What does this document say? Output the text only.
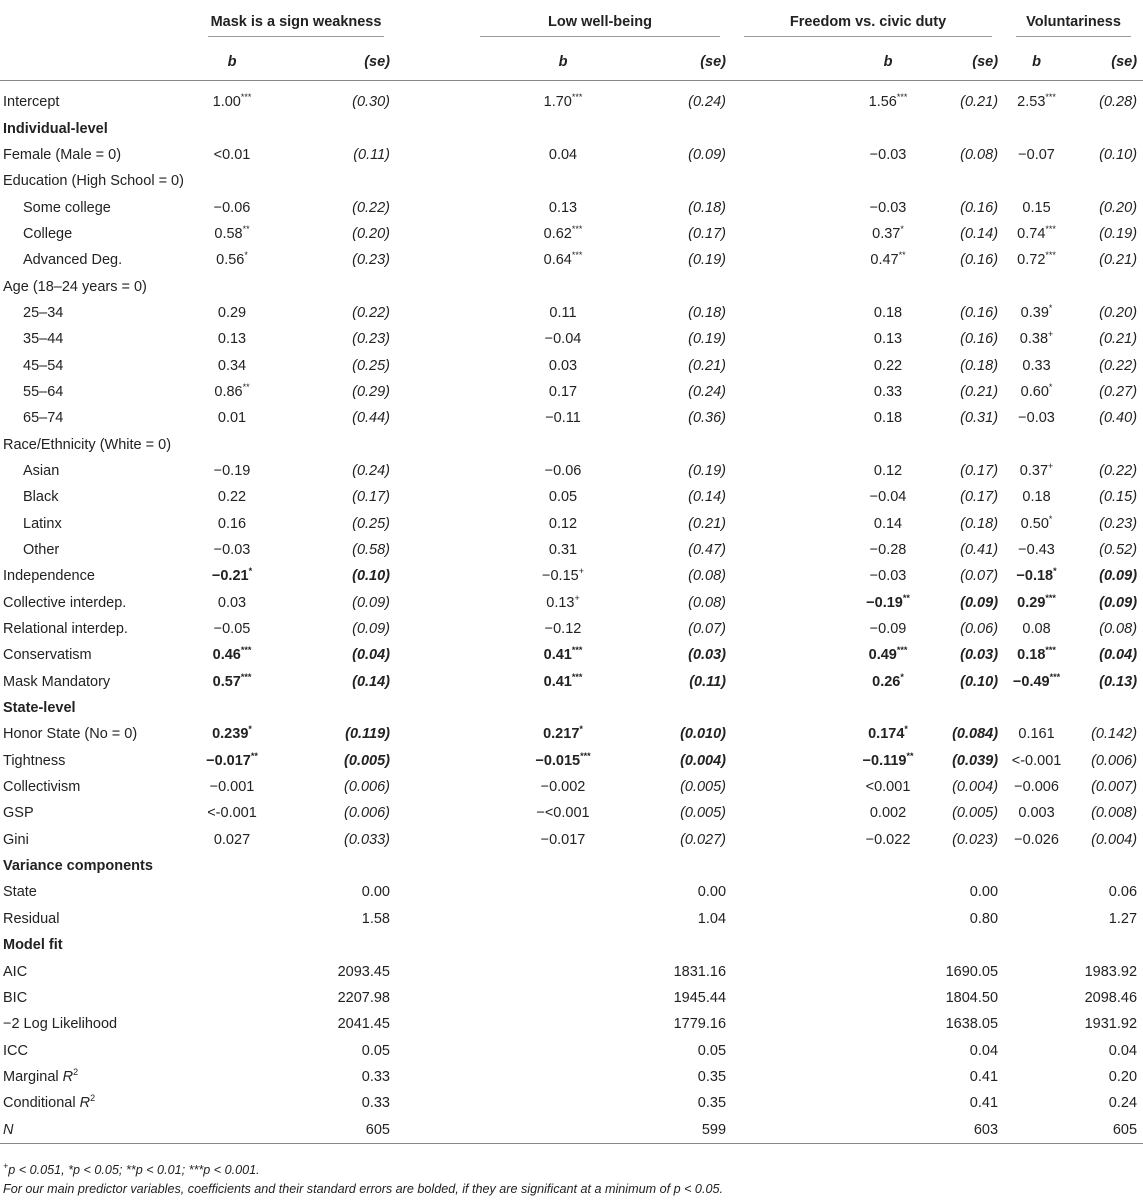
	Mask is a sign weakness			Low well-being		Freedom vs. civic duty			Voluntariness	

	b	(se)		b	(se)		b	(se)	b	(se)
Intercept	1.00***	(0.30)		1.70***	(0.24)		1.56***	(0.21)	2.53***	(0.28)
Individual-level										
Female (Male = 0)	<0.01	(0.11)		0.04	(0.09)		−0.03	(0.08)	−0.07	(0.10)
Education (High School = 0)										
Some college	−0.06	(0.22)		0.13	(0.18)		−0.03	(0.16)	0.15	(0.20)
College	0.58**	(0.20)		0.62***	(0.17)		0.37*	(0.14)	0.74***	(0.19)
Advanced Deg.	0.56*	(0.23)		0.64***	(0.19)		0.47**	(0.16)	0.72***	(0.21)
Age (18–24 years = 0)										
25–34	0.29	(0.22)		0.11	(0.18)		0.18	(0.16)	0.39*	(0.20)
35–44	0.13	(0.23)		−0.04	(0.19)		0.13	(0.16)	0.38+	(0.21)
45–54	0.34	(0.25)		0.03	(0.21)		0.22	(0.18)	0.33	(0.22)
55–64	0.86**	(0.29)		0.17	(0.24)		0.33	(0.21)	0.60*	(0.27)
65–74	0.01	(0.44)		−0.11	(0.36)		0.18	(0.31)	−0.03	(0.40)
Race/Ethnicity (White = 0)										
Asian	−0.19	(0.24)		−0.06	(0.19)		0.12	(0.17)	0.37+	(0.22)
Black	0.22	(0.17)		0.05	(0.14)		−0.04	(0.17)	0.18	(0.15)
Latinx	0.16	(0.25)		0.12	(0.21)		0.14	(0.18)	0.50*	(0.23)
Other	−0.03	(0.58)		0.31	(0.47)		−0.28	(0.41)	−0.43	(0.52)
Independence	−0.21*	(0.10)		−0.15+	(0.08)		−0.03	(0.07)	−0.18*	(0.09)
Collective interdep.	0.03	(0.09)		0.13+	(0.08)		−0.19**	(0.09)	0.29***	(0.09)
Relational interdep.	−0.05	(0.09)		−0.12	(0.07)		−0.09	(0.06)	0.08	(0.08)
Conservatism	0.46***	(0.04)		0.41***	(0.03)		0.49***	(0.03)	0.18***	(0.04)
Mask Mandatory	0.57***	(0.14)		0.41***	(0.11)		0.26*	(0.10)	−0.49***	(0.13)
State-level										
Honor State (No = 0)	0.239*	(0.119)		0.217*	(0.010)		0.174*	(0.084)	0.161	(0.142)
Tightness	−0.017**	(0.005)		−0.015***	(0.004)		−0.119**	(0.039)	<-0.001	(0.006)
Collectivism	−0.001	(0.006)		−0.002	(0.005)		<0.001	(0.004)	−0.006	(0.007)
GSP	<-0.001	(0.006)		−<0.001	(0.005)		0.002	(0.005)	0.003	(0.008)
Gini	0.027	(0.033)		−0.017	(0.027)		−0.022	(0.023)	−0.026	(0.004)
Variance components										
State		0.00			0.00			0.00		0.06
Residual		1.58			1.04			0.80		1.27
Model fit										
AIC		2093.45			1831.16			1690.05		1983.92
BIC		2207.98			1945.44			1804.50		2098.46
−2 Log Likelihood		2041.45			1779.16			1638.05		1931.92
ICC		0.05			0.05			0.04		0.04
Marginal $R^2$		0.33			0.35			0.41		0.20
Conditional $R^2$		0.33			0.35			0.41		0.24
N		605			599			603		605
+p < 0.051, *p < 0.05; **p < 0.01; ***p < 0.001.
For our main predictor variables, coefficients and their standard errors are bolded, if they are significant at a minimum of p < 0.05.
